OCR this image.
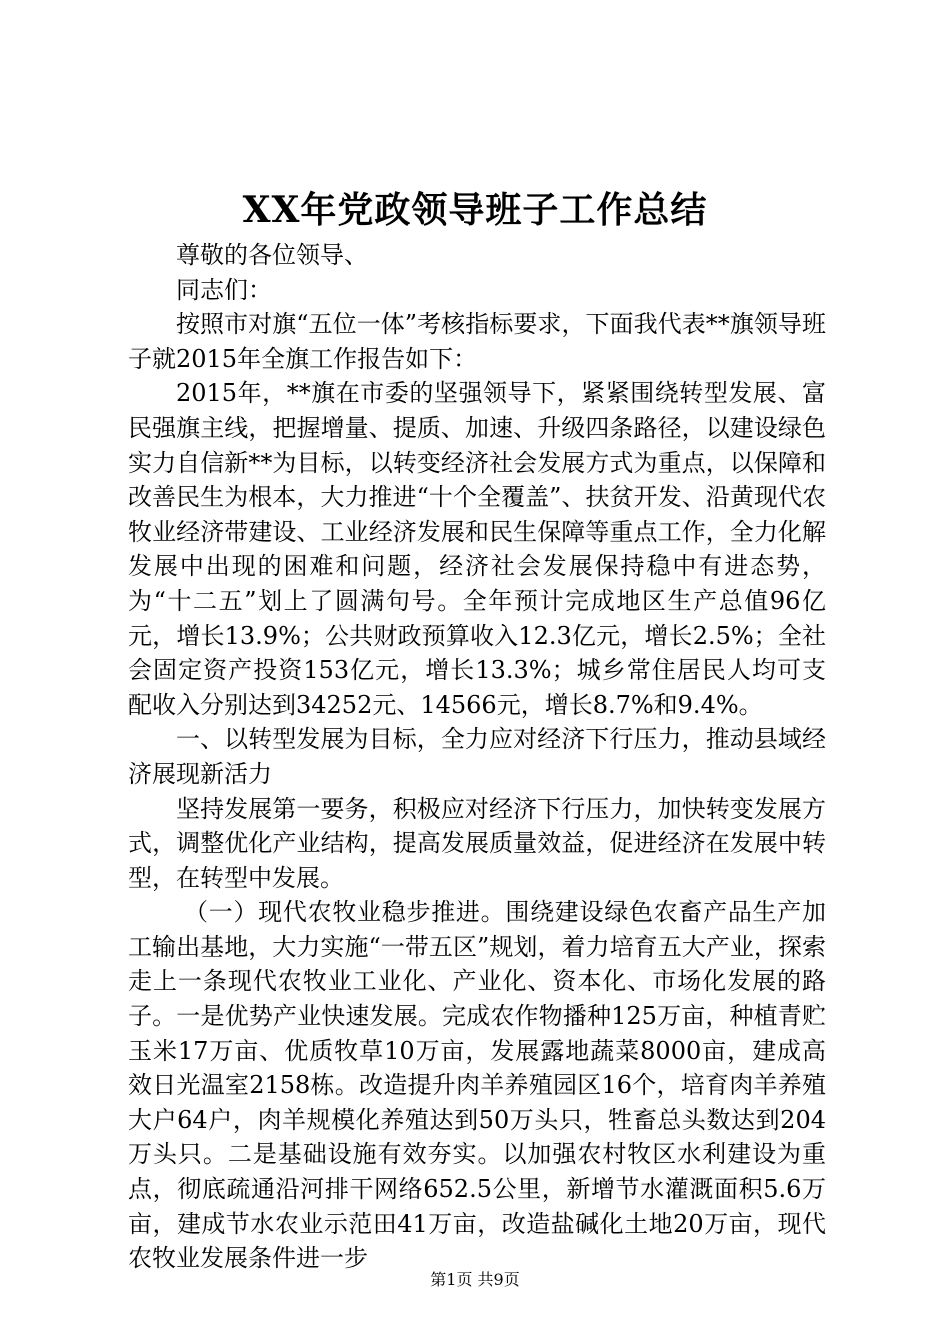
XX年党政领导班子工作总结

尊敬的各位领导、

同志们：

按照市对旗“五位一体”考核指标要求，下面我代表**旗领导班子就2015年全旗工作报告如下：

2015年，**旗在市委的坚强领导下，紧紧围绕转型发展、富民强旗主线，把握增量、提质、加速、升级四条路径，以建设绿色实力自信新**为目标，以转变经济社会发展方式为重点，以保障和改善民生为根本，大力推进“十个全覆盖”、扶贫开发、沿黄现代农牧业经济带建设、工业经济发展和民生保障等重点工作，全力化解发展中出现的困难和问题，经济社会发展保持稳中有进态势，为“十二五”划上了圆满句号。全年预计完成地区生产总值96亿元，增长13.9%；公共财政预算收入12.3亿元，增长2.5%；全社会固定资产投资153亿元，增长13.3%；城乡常住居民人均可支配收入分别达到34252元、14566元，增长8.7%和9.4%。

一、以转型发展为目标，全力应对经济下行压力，推动县域经济展现新活力

坚持发展第一要务，积极应对经济下行压力，加快转变发展方式，调整优化产业结构，提高发展质量效益，促进经济在发展中转型，在转型中发展。

（一）现代农牧业稳步推进。围绕建设绿色农畜产品生产加工输出基地，大力实施“一带五区”规划，着力培育五大产业，探索走上一条现代农牧业工业化、产业化、资本化、市场化发展的路子。一是优势产业快速发展。完成农作物播种125万亩，种植青贮玉米17万亩、优质牧草10万亩，发展露地蔬菜8000亩，建成高效日光温室2158栋。改造提升肉羊养殖园区16个，培育肉羊养殖大户64户，肉羊规模化养殖达到50万头只，牲畜总头数达到204万头只。二是基础设施有效夯实。以加强农村牧区水利建设为重点，彻底疏通沿河排干网络652.5公里，新增节水灌溉面积5.6万亩，建成节水农业示范田41万亩，改造盐碱化土地20万亩，现代农牧业发展条件进一步

第1页 共9页
